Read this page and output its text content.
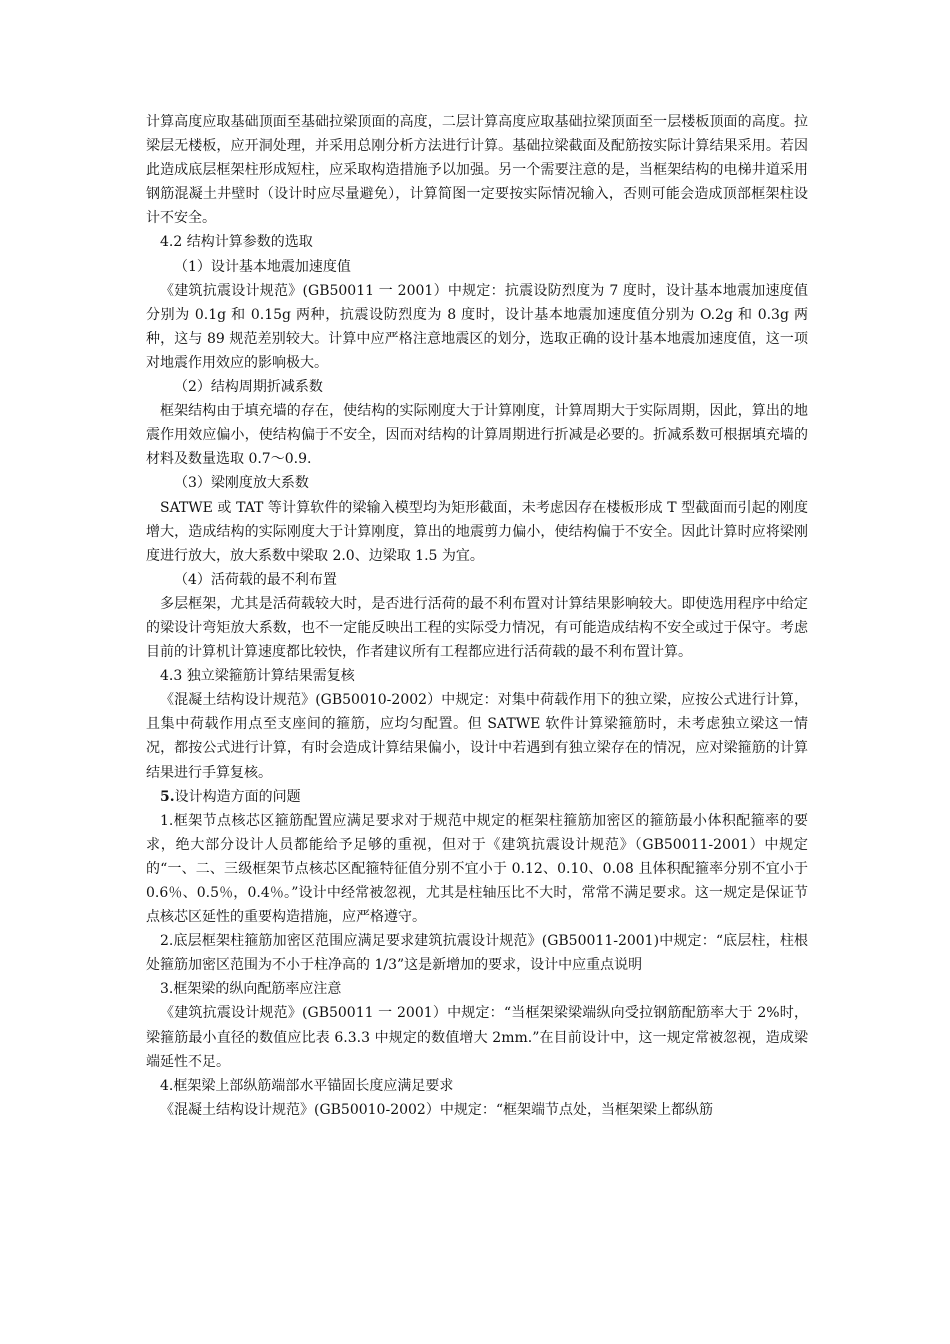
计算高度应取基础顶面至基础拉梁顶面的高度，二层计算高度应取基础拉梁顶面至一层楼板顶面的高度。拉梁层无楼板，应开洞处理，并采用总刚分析方法进行计算。基础拉梁截面及配筋按实际计算结果采用。若因此造成底层框架柱形成短柱，应采取构造措施予以加强。另一个需要注意的是，当框架结构的电梯井道采用钢筋混凝土井壁时（设计时应尽量避免），计算简图一定要按实际情况输入，否则可能会造成顶部框架柱设计不安全。

4.2 结构计算参数的选取

（1）设计基本地震加速度值

《建筑抗震设计规范》(GB50011 一 2001）中规定：抗震设防烈度为 7 度时，设计基本地震加速度值分别为 0.1g 和 0.15g 两种，抗震设防烈度为 8 度时，设计基本地震加速度值分别为 O.2g 和 0.3g 两种，这与 89 规范差别较大。计算中应严格注意地震区的划分，选取正确的设计基本地震加速度值，这一项对地震作用效应的影响极大。

（2）结构周期折减系数

框架结构由于填充墙的存在，使结构的实际刚度大于计算刚度，计算周期大于实际周期，因此，算出的地震作用效应偏小，使结构偏于不安全，因而对结构的计算周期进行折减是必要的。折减系数可根据填充墙的材料及数量选取 0.7～0.9.

（3）梁刚度放大系数

SATWE 或 TAT 等计算软件的梁输入模型均为矩形截面，未考虑因存在楼板形成 T 型截面而引起的刚度增大，造成结构的实际刚度大于计算刚度，算出的地震剪力偏小，使结构偏于不安全。因此计算时应将梁刚度进行放大，放大系数中梁取 2.0、边梁取 1.5 为宜。

（4）活荷载的最不利布置

多层框架，尤其是活荷载较大时，是否进行活荷的最不利布置对计算结果影响较大。即使选用程序中给定的梁设计弯矩放大系数，也不一定能反映出工程的实际受力情况，有可能造成结构不安全或过于保守。考虑目前的计算机计算速度都比较快，作者建议所有工程都应进行活荷载的最不利布置计算。

4.3 独立梁箍筋计算结果需复核

《混凝土结构设计规范》(GB50010-2002）中规定：对集中荷载作用下的独立梁，应按公式进行计算，且集中荷载作用点至支座间的箍筋，应均匀配置。但 SATWE 软件计算梁箍筋时，未考虑独立梁这一情况，都按公式进行计算，有时会造成计算结果偏小，设计中若遇到有独立梁存在的情况，应对梁箍筋的计算结果进行手算复核。

5.设计构造方面的问题

1.框架节点核芯区箍筋配置应满足要求对于规范中规定的框架柱箍筋加密区的箍筋最小体积配箍率的要求，绝大部分设计人员都能给予足够的重视，但对于《建筑抗震设计规范》（GB50011-2001）中规定的“一、二、三级框架节点核芯区配箍特征值分别不宜小于 0.12、0.10、0.08 且体积配箍率分别不宜小于 0.6％、0.5％，0.4％。”设计中经常被忽视，尤其是柱轴压比不大时，常常不满足要求。这一规定是保证节点核芯区延性的重要构造措施，应严格遵守。

2.底层框架柱箍筋加密区范围应满足要求建筑抗震设计规范》(GB50011-2001)中规定：“底层柱，柱根处箍筋加密区范围为不小于柱净高的 1/3”这是新增加的要求，设计中应重点说明

3.框架梁的纵向配筋率应注意

《建筑抗震设计规范》(GB50011 一 2001）中规定：“当框架梁梁端纵向受拉钢筋配筋率大于 2%时，梁箍筋最小直径的数值应比表 6.3.3 中规定的数值增大 2mm.”在目前设计中，这一规定常被忽视，造成梁端延性不足。

4.框架梁上部纵筋端部水平锚固长度应满足要求

《混凝土结构设计规范》(GB50010-2002）中规定：“框架端节点处，当框架梁上都纵筋
